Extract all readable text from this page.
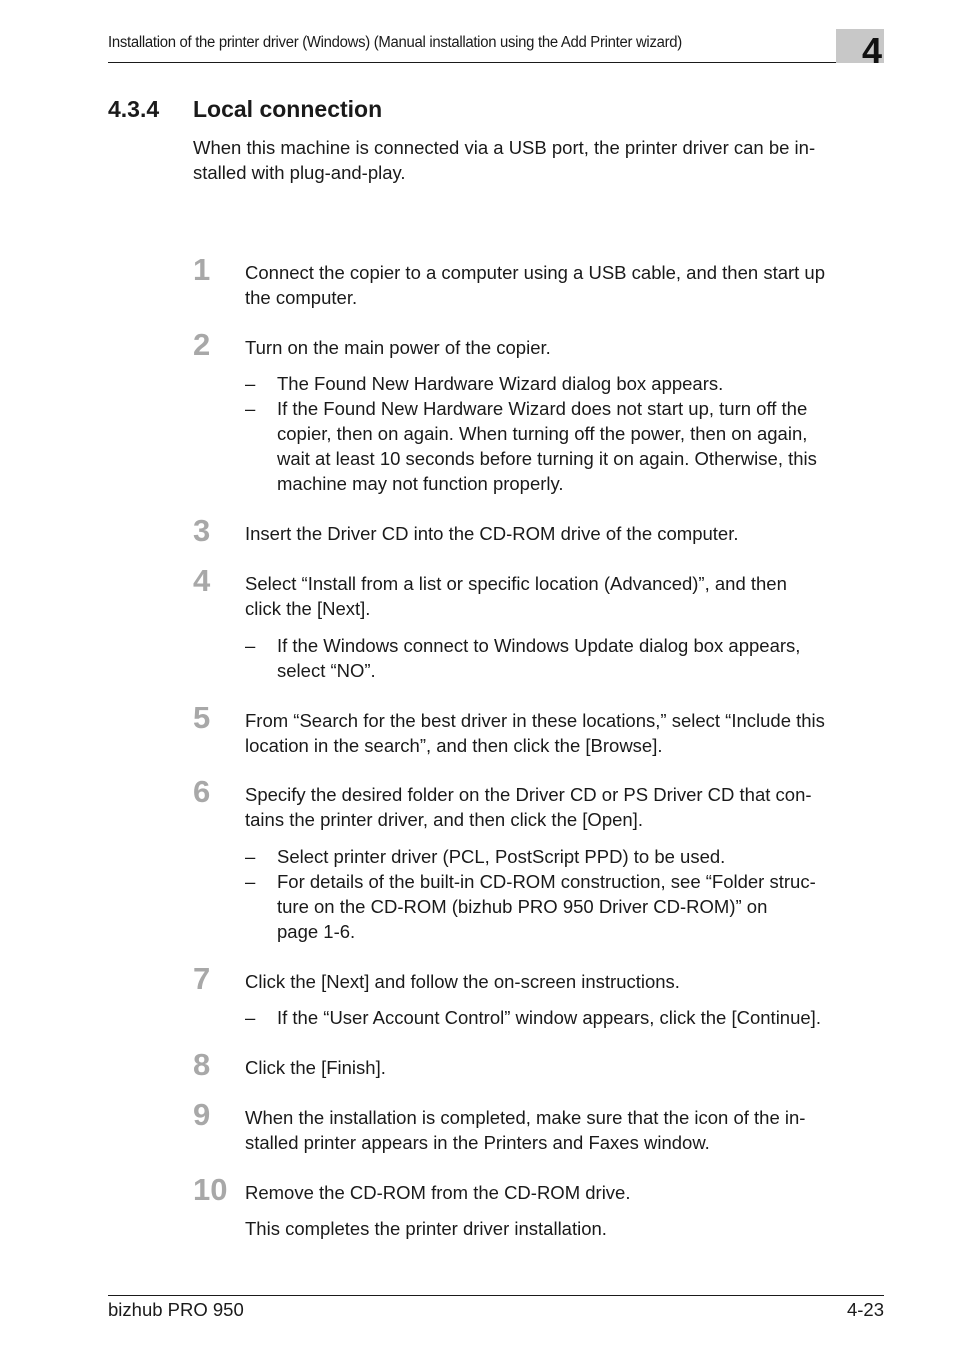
Installation of the printer driver (Windows) (Manual installation using the Add Printer wizard)	4
4.3.4 Local connection
When this machine is connected via a USB port, the printer driver can be in-
stalled with plug-and-play.
1 Connect the copier to a computer using a USB cable, and then start up
the computer.
2 Turn on the main power of the copier.
– The Found New Hardware Wizard dialog box appears.
– If the Found New Hardware Wizard does not start up, turn off the
copier, then on again. When turning off the power, then on again,
wait at least 10 seconds before turning it on again. Otherwise, this
machine may not function properly.
3 Insert the Driver CD into the CD-ROM drive of the computer.
4 Select “Install from a list or specific location (Advanced)”, and then
click the [Next].
– If the Windows connect to Windows Update dialog box appears,
select “NO”.
5 From “Search for the best driver in these locations,” select “Include this
location in the search”, and then click the [Browse].
6 Specify the desired folder on the Driver CD or PS Driver CD that con-
tains the printer driver, and then click the [Open].
– Select printer driver (PCL, PostScript PPD) to be used.
– For details of the built-in CD-ROM construction, see “Folder struc-
ture on the CD-ROM (bizhub PRO 950 Driver CD-ROM)” on
page 1-6.
7 Click the [Next] and follow the on-screen instructions.
– If the “User Account Control” window appears, click the [Continue].
8 Click the [Finish].
9 When the installation is completed, make sure that the icon of the in-
stalled printer appears in the Printers and Faxes window.
10 Remove the CD-ROM from the CD-ROM drive.
This completes the printer driver installation.
bizhub PRO 950	4-23
